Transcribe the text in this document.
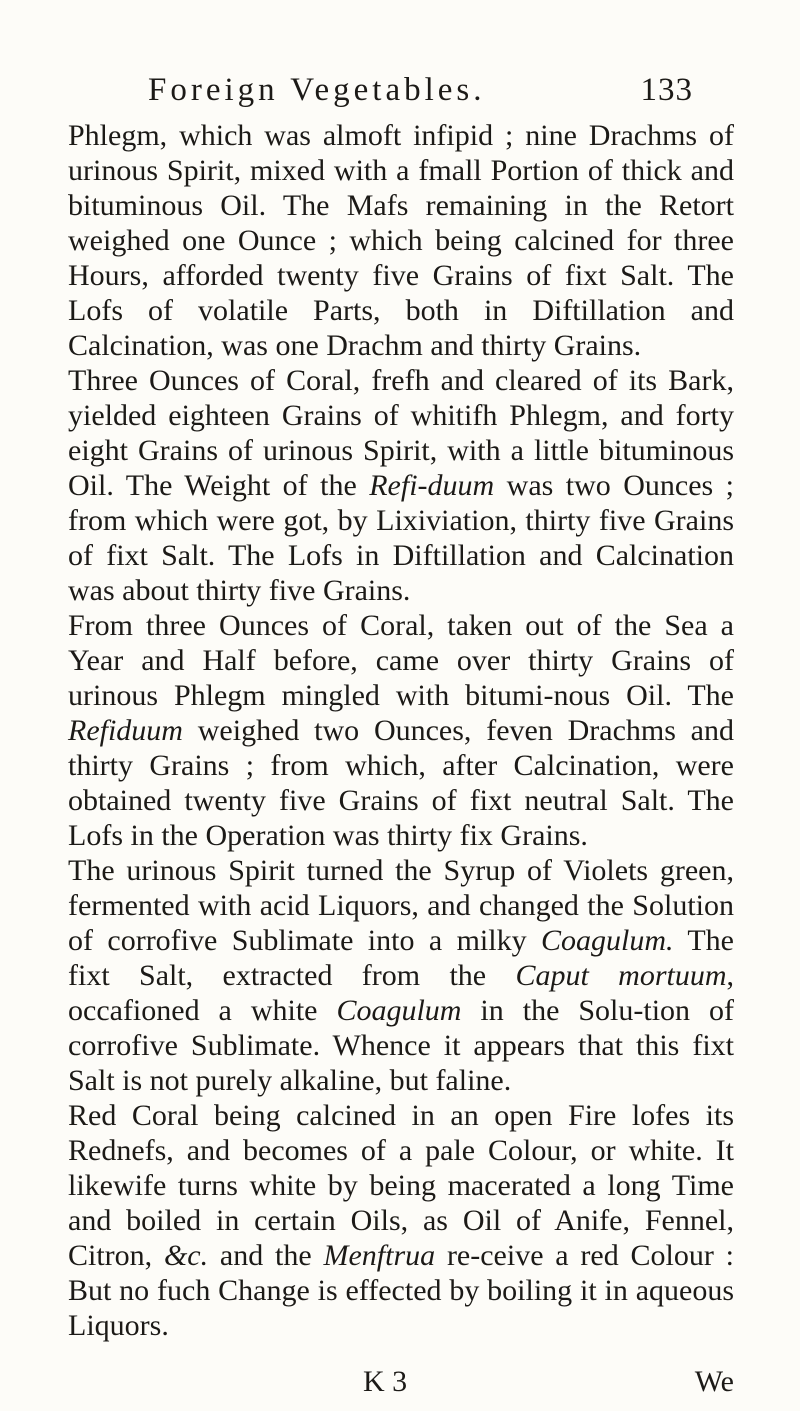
Foreign Vegetables.	133

Phlegm, which was almoft infipid ; nine Drachms of urinous Spirit, mixed with a fmall Portion of thick and bituminous Oil. The Mafs remaining in the Retort weighed one Ounce ; which being calcined for three Hours, afforded twenty five Grains of fixt Salt. The Lofs of volatile Parts, both in Diftillation and Calcination, was one Drachm and thirty Grains.

Three Ounces of Coral, frefh and cleared of its Bark, yielded eighteen Grains of whitifh Phlegm, and forty eight Grains of urinous Spirit, with a little bituminous Oil. The Weight of the Refi-duum was two Ounces ; from which were got, by Lixiviation, thirty five Grains of fixt Salt. The Lofs in Diftillation and Calcination was about thirty five Grains.

From three Ounces of Coral, taken out of the Sea a Year and Half before, came over thirty Grains of urinous Phlegm mingled with bitumi-nous Oil. The Refiduum weighed two Ounces, feven Drachms and thirty Grains ; from which, after Calcination, were obtained twenty five Grains of fixt neutral Salt. The Lofs in the Operation was thirty fix Grains.

The urinous Spirit turned the Syrup of Violets green, fermented with acid Liquors, and changed the Solution of corrofive Sublimate into a milky Coagulum. The fixt Salt, extracted from the Caput mortuum, occafioned a white Coagulum in the Solu-tion of corrofive Sublimate. Whence it appears that this fixt Salt is not purely alkaline, but faline.

Red Coral being calcined in an open Fire lofes its Rednefs, and becomes of a pale Colour, or white. It likewife turns white by being macerated a long Time and boiled in certain Oils, as Oil of Anife, Fennel, Citron, &c. and the Menftrua re-ceive a red Colour : But no fuch Change is effected by boiling it in aqueous Liquors.

K 3	We
